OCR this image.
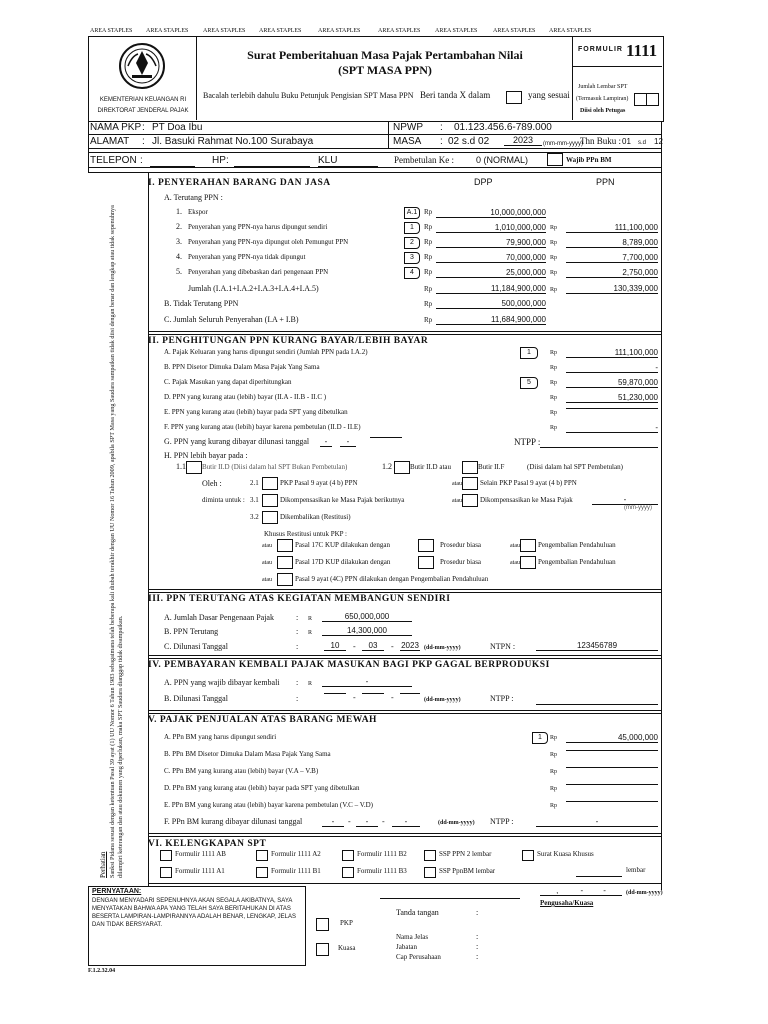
AREA STAPLES AREA STAPLES AREA STAPLES AREA STAPLES	AREA STAPLES	AREA STAPLES AREA STAPLES	AREA STAPLES AREA STAPLES
KEMENTERIAN KEUANGAN RI
DIREKTORAT JENDERAL PAJAK
Surat Pemberitahuan Masa Pajak Pertambahan Nilai
(SPT MASA PPN)
Bacalah terlebih dahulu Buku Petunjuk Pengisian SPT Masa PPN Beri tanda X dalam	yang sesuai
FORMULIR 1111
Jumlah Lembar SPT
(Termasuk Lampiran)
Diisi oleh Petugas
NAMA PKP : PT Doa Ibu	NPWP : 01.123.456.6-789.000
ALAMAT : Jl. Basuki Rahmat No.100 Surabaya	MASA : 02 s.d 02	2023	(mm-mm-yyyy)
Thn Buku : 01 s.d 12
TELEPON :	HP :	KLU	Pembetulan Ke : 0 (NORMAL)	Wajib PPn BM
Perhatian Sanksi Pidana sesuai dengan ketentuan Pasal 39 ayat (1) UU Nomor 6 Tahun 1983 sebagaimana telah beberapa kali diubah terakhir dengan UU Nomor 16 Tahun 2009, apabila SPT Masa yang Saudara sampaikan tidak diisi dengan benar dan lengkap atau tidak sepenuhnya dilampiri keterangan dan atau dokumen yang diperlukan, maka SPT Saudara dianggap tidak disampaikan.
I. PENYERAHAN BARANG DAN JASA	DPP	PPN
A. Terutang PPN :
1. Ekspor	A.1 Rp	10,000,000,000
2. Penyerahan yang PPN-nya harus dipungut sendiri	1	Rp	1,010,000,000 Rp	111,100,000
3. Penyerahan yang PPN-nya dipungut oleh Pemungut PPN	2	Rp	79,900,000 Rp	8,789,000
4. Penyerahan yang PPN-nya tidak dipungut	3	Rp	70,000,000 Rp	7,700,000
5. Penyerahan yang dibebaskan dari pengenaan PPN	4	Rp	25,000,000 Rp	2,750,000
Jumlah (I.A.1+I.A.2+I.A.3+I.A.4+I.A.5)	Rp	11,184,900,000 Rp	130,339,000
B. Tidak Terutang PPN	Rp	500,000,000
C. Jumlah Seluruh Penyerahan (I.A + I.B)	Rp	11,684,900,000
II. PENGHITUNGAN PPN KURANG BAYAR/LEBIH BAYAR
A. Pajak Keluaran yang harus dipungut sendiri (Jumlah PPN pada I.A.2)	1	Rp	111,100,000
B. PPN Disetor Dimuka Dalam Masa Pajak Yang Sama	Rp	-
C. Pajak Masukan yang dapat diperhitungkan	5	Rp	59,870,000
D. PPN yang kurang atau (lebih) bayar (II.A - II.B - II.C )	Rp	51,230,000
E. PPN yang kurang atau (lebih) bayar pada SPT yang dibetulkan	Rp
F. PPN yang kurang atau (lebih) bayar karena pembetulan (II.D - II.E)	Rp	-
G. PPN yang kurang dibayar dilunasi tanggal	-	-	NTPP :
H. PPN lebih bayar pada :
1.1 Butir II.D (Diisi dalam hal SPT Bukan Pembetulan)	1.2	Butir II.D atau	Butir II.F	(Diisi dalam hal SPT Pembetulan)
Oleh :	2.1	PKP Pasal 9 ayat (4 b) PPN	atau	Selain PKP Pasal 9 ayat (4 b) PPN
diminta untuk : 3.1	Dikompensasikan ke Masa Pajak berikutnya	atau	Dikompensasikan ke Masa Pajak	-
(mm-yyyy)
3.2	Dikembalikan (Restitusi)
Khusus Restitusi untuk PKP :
atau	Pasal 17C KUP dilakukan dengan	Prosedur biasa	atau	Pengembalian Pendahuluan
atau	Pasal 17D KUP dilakukan dengan	Prosedur biasa	atau	Pengembalian Pendahuluan
atau	Pasal 9 ayat (4C) PPN dilakukan dengan Pengembalian Pendahuluan
III. PPN TERUTANG ATAS KEGIATAN MEMBANGUN SENDIRI
A. Jumlah Dasar Pengenaan Pajak	: R	650,000,000
B. PPN Terutang	: R	14,300,000
C. Dilunasi Tanggal	:	10	-	03	- 2023 (dd-mm-yyyy)	NTPN :	123456789
IV. PEMBAYARAN KEMBALI PAJAK MASUKAN BAGI PKP GAGAL BERPRODUKSI
A. PPN yang wajib dibayar kembali : R	-
B. Dilunasi Tanggal	:	-	-	(dd-mm-yyyy)	NTPP :
V. PAJAK PENJUALAN ATAS BARANG MEWAH
A. PPn BM yang harus dipungut sendiri	1	Rp	45,000,000
B. PPn BM Disetor Dimuka Dalam Masa Pajak Yang Sama	Rp
C. PPn BM yang kurang atau (lebih) bayar (V.A – V.B)	Rp
D. PPn BM yang kurang atau (lebih) bayar pada SPT yang dibetulkan	Rp
E. PPn BM yang kurang atau (lebih) bayar karena pembetulan (V.C – V.D)	Rp
F. PPn BM kurang dibayar dilunasi tanggal	-	-	-	-	-	(dd-mm-yyyy) NTPP :	-
VI. KELENGKAPAN SPT
Formulir 1111 AB	Formulir 1111 A2	Formulir 1111 B2	SSP PPN 2 lembar	Surat Kuasa Khusus
Formulir 1111 A1	Formulir 1111 B1	Formulir 1111 B3	SSP PpnBM lembar	lembar
PERNYATAAN:
DENGAN MENYADARI SEPENUHNYA AKAN SEGALA AKIBATNYA, SAYA MENYATAKAN BAHWA APA YANG TELAH SAYA BERITAHUKAN DI ATAS BESERTA LAMPIRAN-LAMPIRANNYA ADALAH BENAR, LENGKAP, JELAS DAN TIDAK BERSYARAT.
,          -         -	(dd-mm-yyyy)
Pengusaha/Kuasa
Tanda tangan	:
PKP
Kuasa
Nama Jelas	:
Jabatan	:
Cap Perusahaan	:
F.1.2.32.04
